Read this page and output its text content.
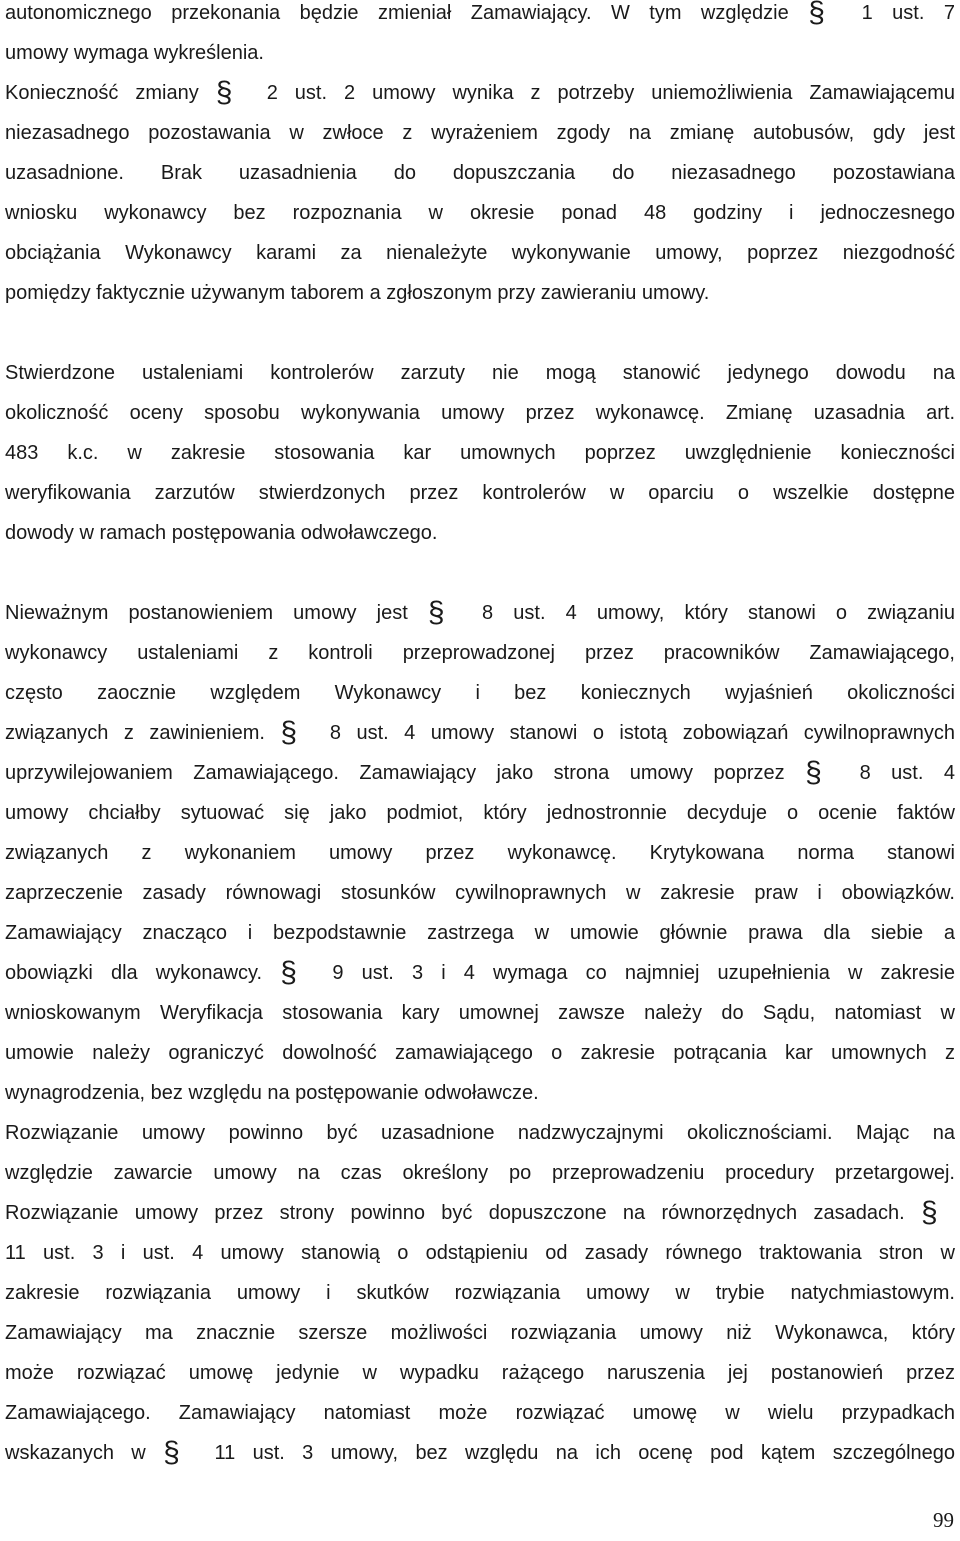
autonomicznego przekonania będzie zmieniał Zamawiający. W tym względzie § 1 ust. 7
umowy wymaga wykreślenia.
Konieczność zmiany § 2 ust. 2 umowy wynika z potrzeby uniemożliwienia Zamawiającemu
niezasadnego pozostawania w zwłoce z wyrażeniem zgody na zmianę autobusów, gdy jest
uzasadnione. Brak uzasadnienia do dopuszczania do niezasadnego pozostawiana
wniosku wykonawcy bez rozpoznania w okresie ponad 48 godziny i jednoczesnego
obciążania Wykonawcy karami za nienależyte wykonywanie umowy, poprzez niezgodność
pomiędzy faktycznie używanym taborem a zgłoszonym przy zawieraniu umowy.
Stwierdzone ustaleniami kontrolerów zarzuty nie mogą stanowić jedynego dowodu na
okoliczność oceny sposobu wykonywania umowy przez wykonawcę. Zmianę uzasadnia art.
483 k.c. w zakresie stosowania kar umownych poprzez uwzględnienie konieczności
weryfikowania zarzutów stwierdzonych przez kontrolerów w oparciu o wszelkie dostępne
dowody w ramach postępowania odwoławczego.
Nieważnym postanowieniem umowy jest § 8 ust. 4 umowy, który stanowi o związaniu
wykonawcy ustaleniami z kontroli przeprowadzonej przez pracowników Zamawiającego,
często zaocznie względem Wykonawcy i bez koniecznych wyjaśnień okoliczności
związanych z zawinieniem. § 8 ust. 4 umowy stanowi o istotą zobowiązań cywilnoprawnych
uprzywilejowaniem Zamawiającego. Zamawiający jako strona umowy poprzez § 8 ust. 4
umowy chciałby sytuować się jako podmiot, który jednostronnie decyduje o ocenie faktów
związanych z wykonaniem umowy przez wykonawcę. Krytykowana norma stanowi
zaprzeczenie zasady równowagi stosunków cywilnoprawnych w zakresie praw i obowiązków.
Zamawiający znacząco i bezpodstawnie zastrzega w umowie głównie prawa dla siebie a
obowiązki dla wykonawcy. § 9 ust. 3 i 4 wymaga co najmniej uzupełnienia w zakresie
wnioskowanym Weryfikacja stosowania kary umownej zawsze należy do Sądu, natomiast w
umowie należy ograniczyć dowolność zamawiającego o zakresie potrącania kar umownych z
wynagrodzenia, bez względu na postępowanie odwoławcze.
Rozwiązanie umowy powinno być uzasadnione nadzwyczajnymi okolicznościami. Mając na
względzie zawarcie umowy na czas określony po przeprowadzeniu procedury przetargowej.
Rozwiązanie umowy przez strony powinno być dopuszczone na równorzędnych zasadach. §
11 ust. 3 i ust. 4 umowy stanowią o odstąpieniu od zasady równego traktowania stron w
zakresie rozwiązania umowy i skutków rozwiązania umowy w trybie natychmiastowym.
Zamawiający ma znacznie szersze możliwości rozwiązania umowy niż Wykonawca, który
może rozwiązać umowę jedynie w wypadku rażącego naruszenia jej postanowień przez
Zamawiającego. Zamawiający natomiast może rozwiązać umowę w wielu przypadkach
wskazanych w § 11 ust. 3 umowy, bez względu na ich ocenę pod kątem szczególnego
99
